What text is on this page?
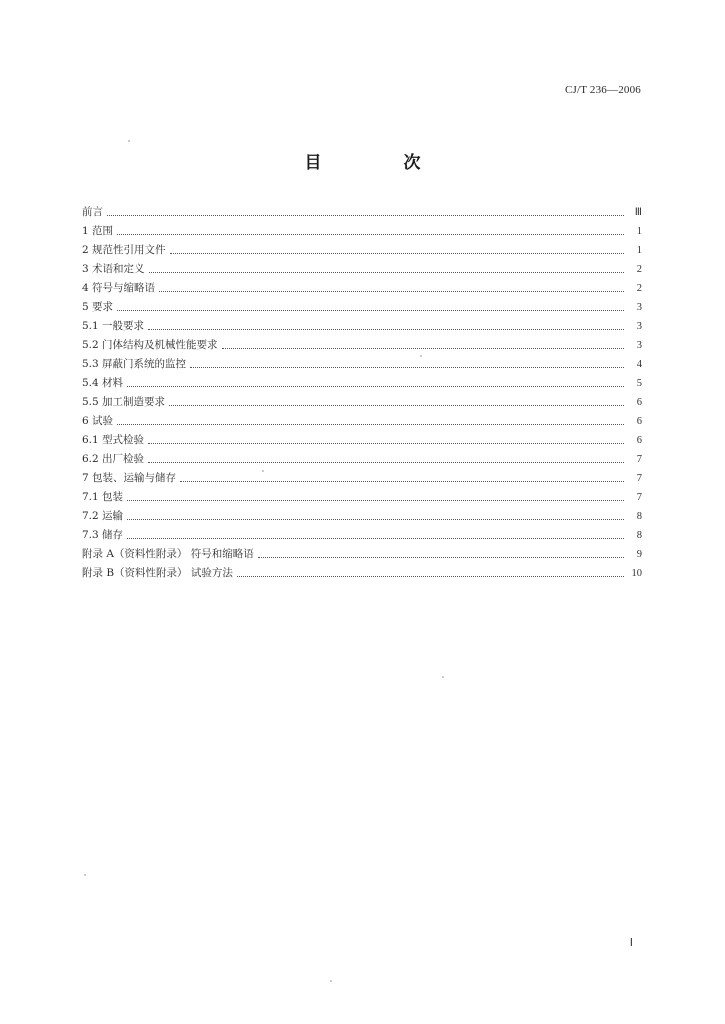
CJ/T 236—2006
目 次
前言	Ⅲ
1 范围	1
2 规范性引用文件	1
3 术语和定义	2
4 符号与缩略语	2
5 要求	3
5.1 一般要求	3
5.2 门体结构及机械性能要求	3
5.3 屏蔽门系统的监控	4
5.4 材料	5
5.5 加工制造要求	6
6 试验	6
6.1 型式检验	6
6.2 出厂检验	7
7 包装、运输与储存	7
7.1 包装	7
7.2 运输	8
7.3 储存	8
附录 A（资料性附录） 符号和缩略语	9
附录 B（资料性附录） 试验方法	10
Ⅰ
